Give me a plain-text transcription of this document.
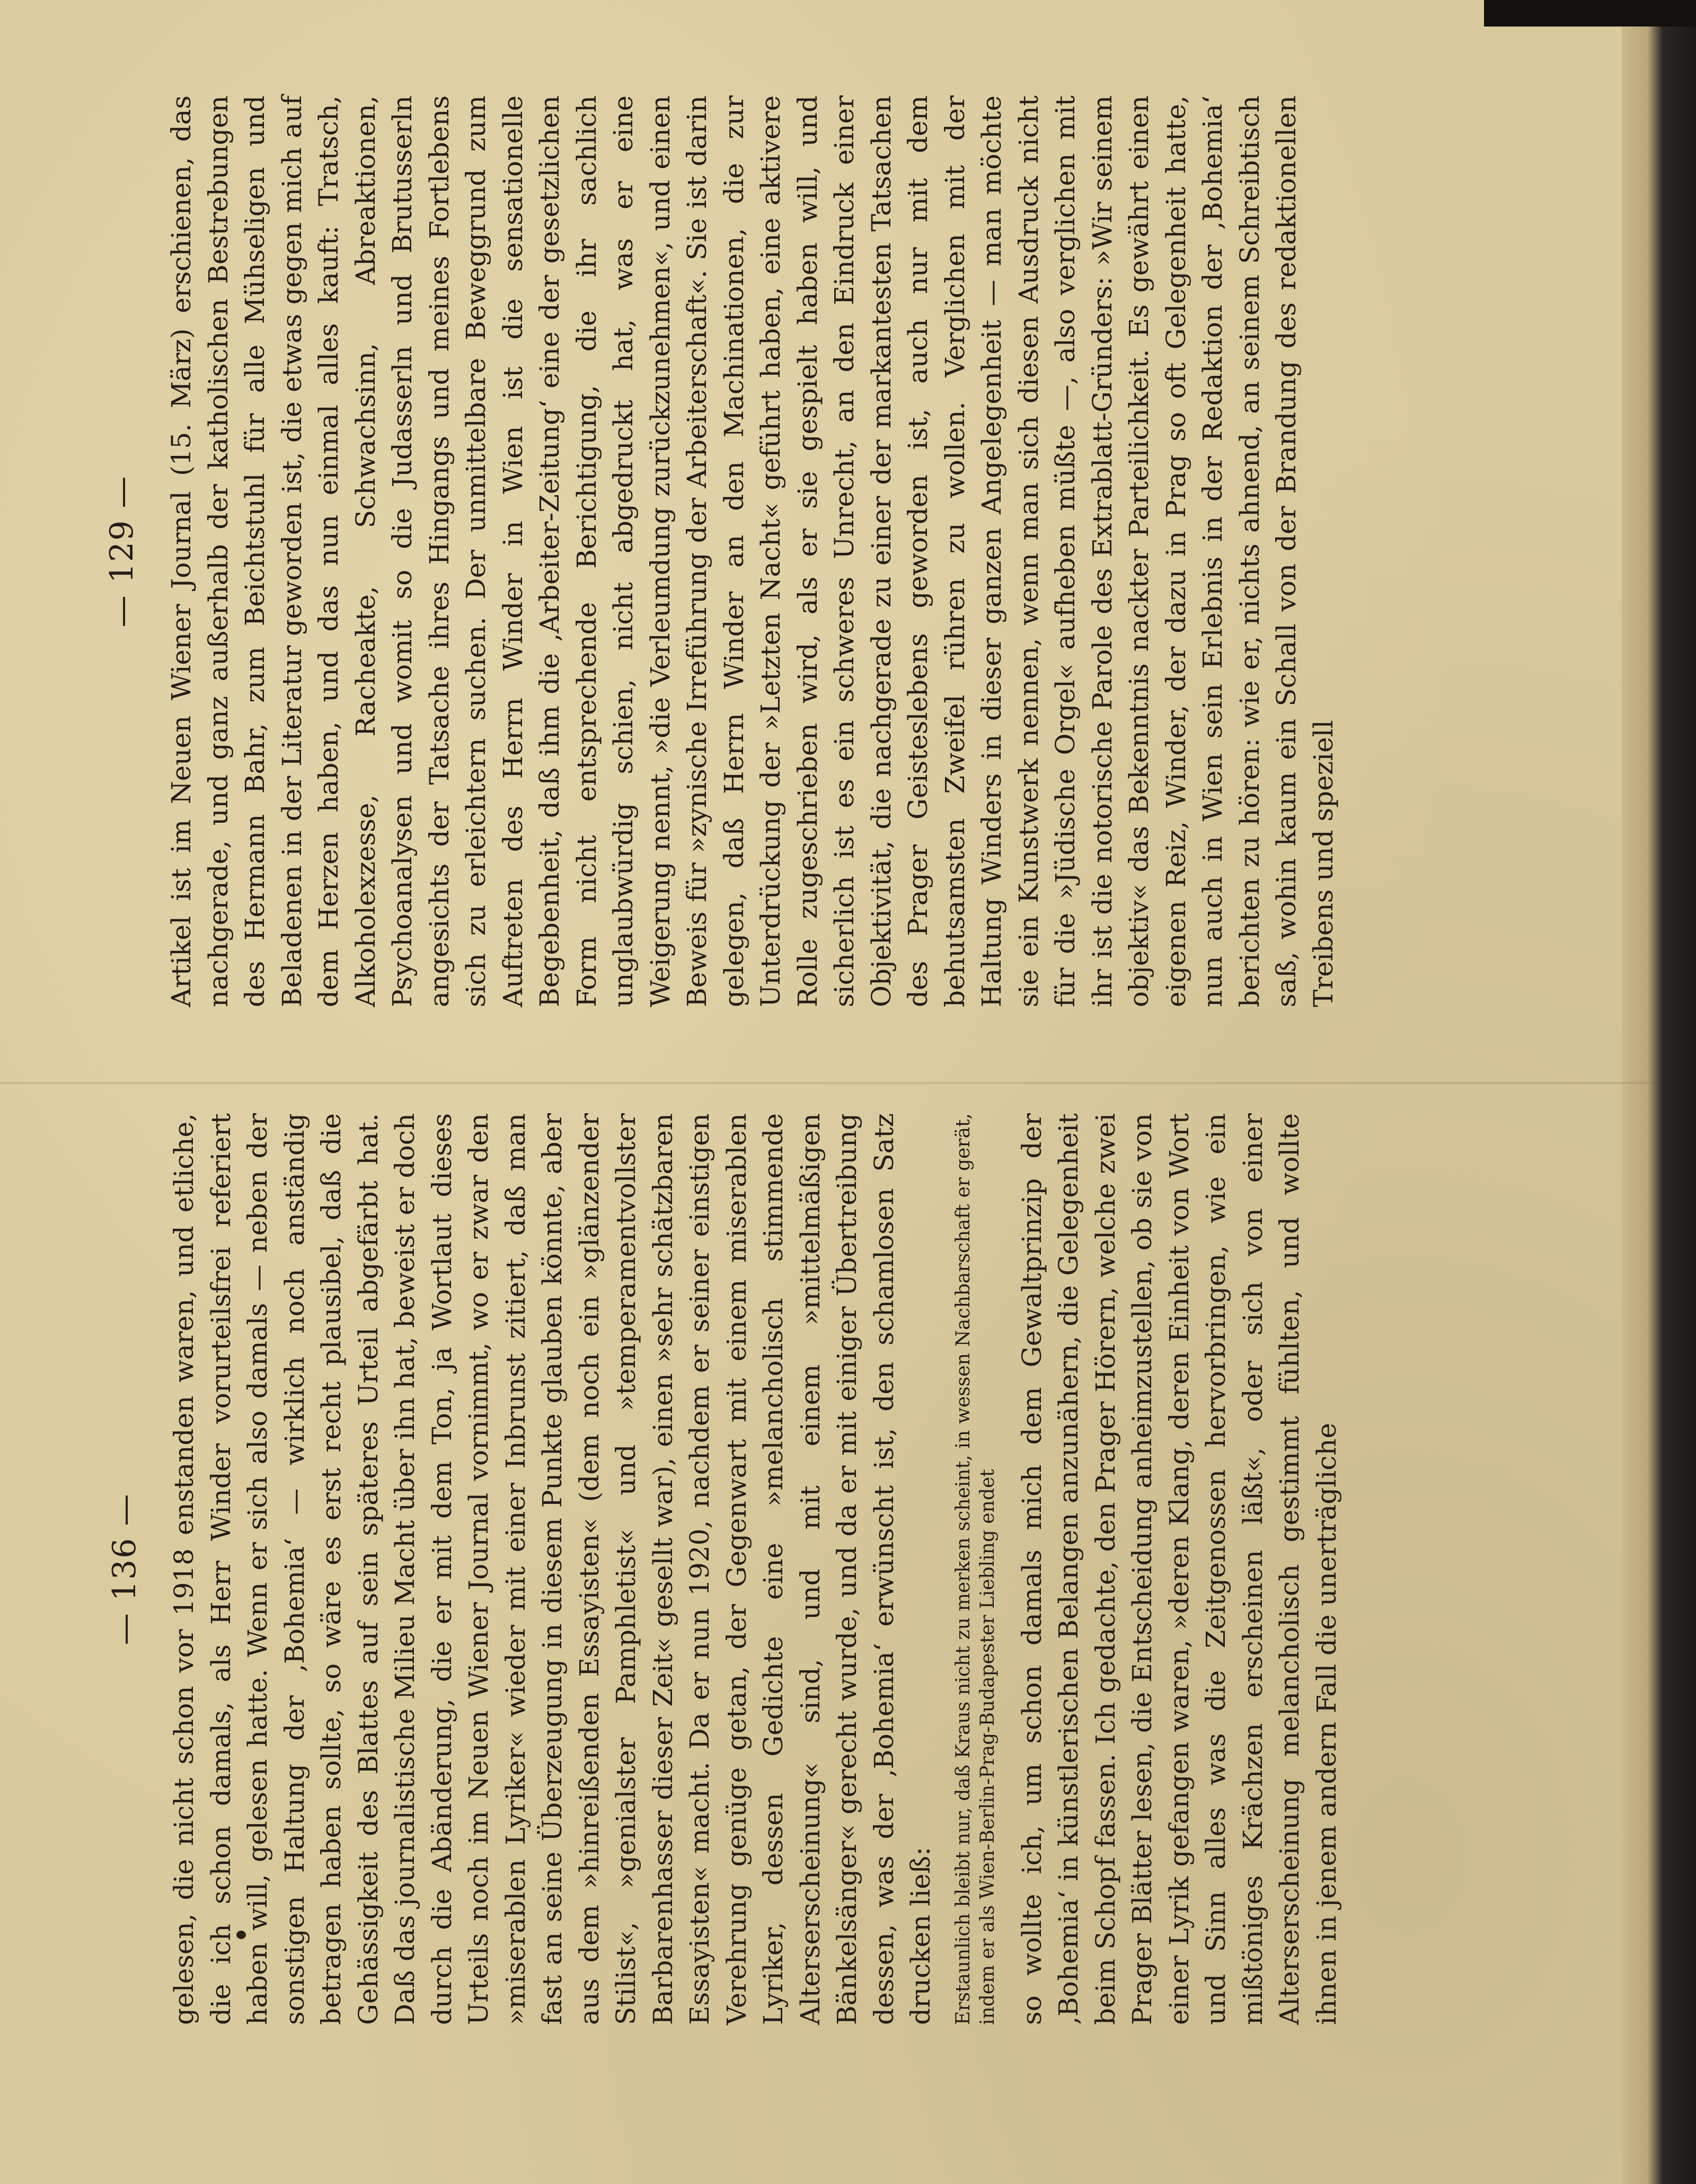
— 129 — Artikel ist im Neuen Wiener Journal (15. März) erschienen, das nachgerade, und ganz außerhalb der katholischen Bestrebungen des Hermann Bahr, zum Beichtstuhl für alle Mühseligen und Beladenen in der Literatur geworden ist, die etwas gegen mich auf dem Herzen haben, und das nun einmal alles kauft: Tratsch, Alkoholexzesse, Racheakte, Schwachsinn, Abreaktionen, Psychoanalysen und womit so die Judasserln und Brutusserln angesichts der Tatsache ihres Hingangs und meines Fortlebens sich zu erleichtern suchen. Der unmittelbare Beweggrund zum Auftreten des Herrn Winder in Wien ist die sensationelle Begebenheit, daß ihm die ‚Arbeiter-Zeitung‘ eine der gesetzlichen Form nicht entsprechende Berichtigung, die ihr sachlich unglaubwürdig schien, nicht abgedruckt hat, was er eine Weigerung nennt, »die Verleumdung zurückzunehmen«, und einen Beweis für »zynische Irreführung der Arbeiterschaft«. Sie ist darin gelegen, daß Herrn Winder an den Machinationen, die zur Unterdrückung der »Letzten Nacht« geführt haben, eine aktivere Rolle zugeschrieben wird, als er sie gespielt haben will, und sicherlich ist es ein schweres Unrecht, an den Eindruck einer Objektivität, die nachgerade zu einer der markantesten Tatsachen des Prager Geisteslebens geworden ist, auch nur mit dem behutsamsten Zweifel rühren zu wollen. Verglichen mit der Haltung Winders in dieser ganzen Angelegenheit — man möchte sie ein Kunstwerk nennen, wenn man sich diesen Ausdruck nicht für die »Jüdische Orgel« aufheben müßte —, also verglichen mit ihr ist die notorische Parole des Extrablatt-Gründers: »Wir seinem objektiv« das Bekenntnis nackter Parteilichkeit. Es gewährt einen eigenen Reiz, Winder, der dazu in Prag so oft Gelegenheit hatte, nun auch in Wien sein Erlebnis in der Redaktion der ‚Bohemia‘ berichten zu hören: wie er, nichts ahnend, an seinem Schreibtisch saß, wohin kaum ein Schall von der Brandung des redaktionellen Treibens und speziell

— 136 — gelesen, die nicht schon vor 1918 enstanden waren, und etliche, die ich schon damals, als Herr Winder vorurteilsfrei referiert haben will, gelesen hatte. Wenn er sich also damals — neben der sonstigen Haltung der ‚Bohemia‘ — wirklich noch anständig betragen haben sollte, so wäre es erst recht plausibel, daß die Gehässigkeit des Blattes auf sein späteres Urteil abgefärbt hat. Daß das journalistische Milieu Macht über ihn hat, beweist er doch durch die Abänderung, die er mit dem Ton, ja Wortlaut dieses Urteils noch im Neuen Wiener Journal vornimmt, wo er zwar den »miserablen Lyriker« wieder mit einer Inbrunst zitiert, daß man fast an seine Überzeugung in diesem Punkte glauben könnte, aber aus dem »hinreißenden Essayisten« (dem noch ein »glänzender Stilist«, »genialster Pamphletist« und »temperamentvollster Barbarenhasser dieser Zeit« gesellt war), einen »sehr schätzbaren Essayisten« macht. Da er nun 1920, nachdem er seiner einstigen Verehrung genüge getan, der Gegenwart mit einem miserablen Lyriker, dessen Gedichte eine »melancholisch stimmende Alterserscheinung« sind, und mit einem »mittelmäßigen Bänkelsänger« gerecht wurde, und da er mit einiger Übertreibung dessen, was der ‚Bohemia‘ erwünscht ist, den schamlosen Satz drucken ließ: Erstaunlich bleibt nur, daß Kraus nicht zu merken scheint, in wessen Nachbarschaft er gerät, indem er als Wien-Berlin-Prag-Budapester Liebling endet so wollte ich, um schon damals mich dem Gewaltprinzip der ‚Bohemia‘ in künstlerischen Belangen anzunähern, die Gelegenheit beim Schopf fassen. Ich gedachte, den Prager Hörern, welche zwei Prager Blätter lesen, die Entscheidung anheimzustellen, ob sie von einer Lyrik gefangen waren, »deren Klang, deren Einheit von Wort und Sinn alles was die Zeitgenossen hervorbringen, wie ein mißtöniges Krächzen erscheinen läßt«, oder sich von einer Alterserscheinung melancholisch gestimmt fühlten, und wollte ihnen in jenem andern Fall die unerträgliche
